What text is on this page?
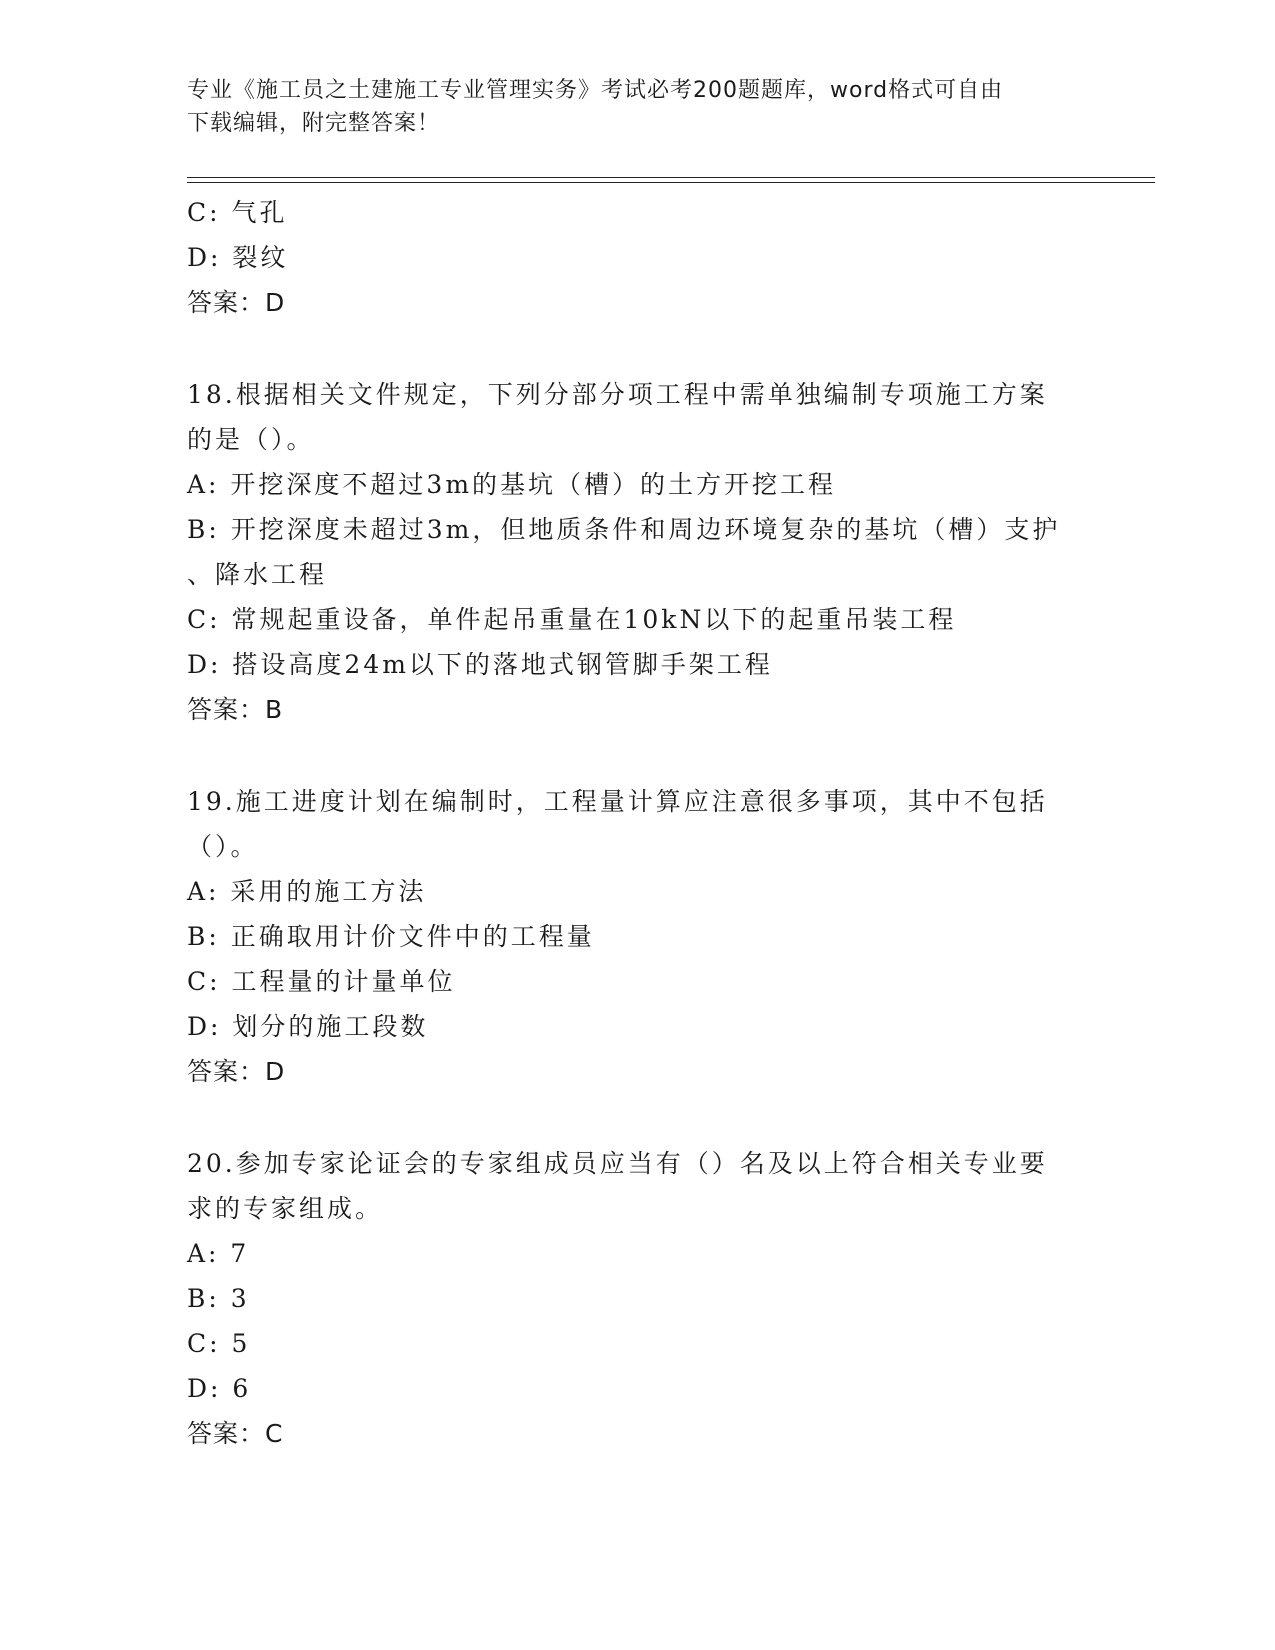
专业《施工员之土建施工专业管理实务》考试必考200题题库，word格式可自由
下载编辑，附完整答案！
C: 气孔
D: 裂纹
答案：D
18.根据相关文件规定，下列分部分项工程中需单独编制专项施工方案
的是（）。
A: 开挖深度不超过3m的基坑（槽）的土方开挖工程
B: 开挖深度未超过3m，但地质条件和周边环境复杂的基坑（槽）支护
、降水工程
C: 常规起重设备，单件起吊重量在10kN以下的起重吊装工程
D: 搭设高度24m以下的落地式钢管脚手架工程
答案：B
19.施工进度计划在编制时，工程量计算应注意很多事项，其中不包括
（）。
A: 采用的施工方法
B: 正确取用计价文件中的工程量
C: 工程量的计量单位
D: 划分的施工段数
答案：D
20.参加专家论证会的专家组成员应当有（）名及以上符合相关专业要
求的专家组成。
A: 7
B: 3
C: 5
D: 6
答案：C
